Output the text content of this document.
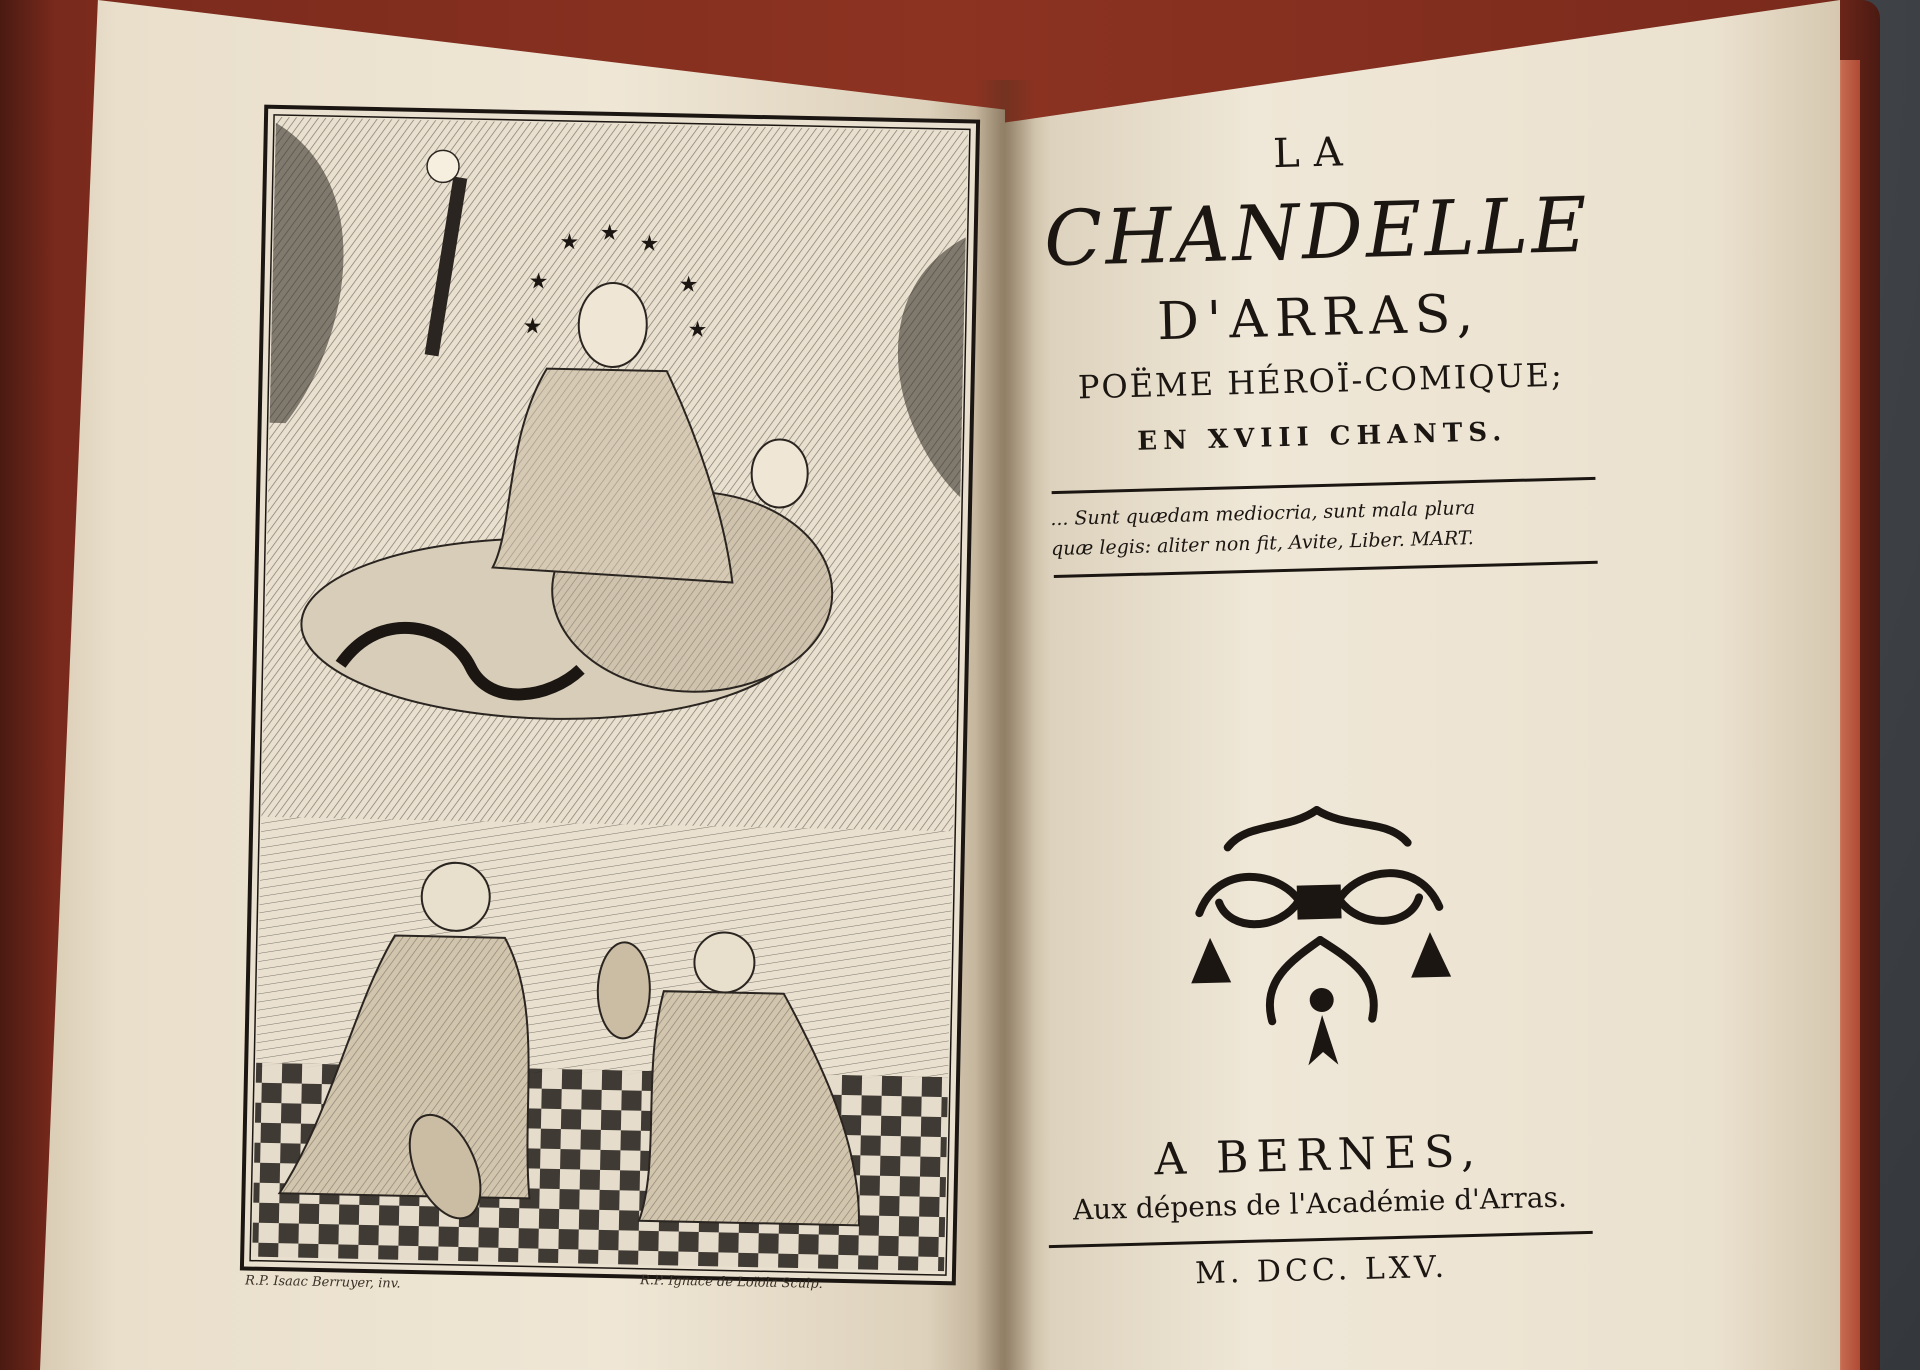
★ ★ ★
★	★
★	★
R.P. Isaac Berruyer, inv.	R.P. Ignace de Loïola Sculp.
LA
CHANDELLE
D'ARRAS,
POËME HÉROÏ-COMIQUE;
EN XVIII CHANTS.
... Sunt quædam mediocria, sunt mala plura
quæ legis: aliter non fit, Avite, Liber. MART.
A BERNES,
Aux dépens de l'Académie d'Arras.
M. DCC. LXV.
